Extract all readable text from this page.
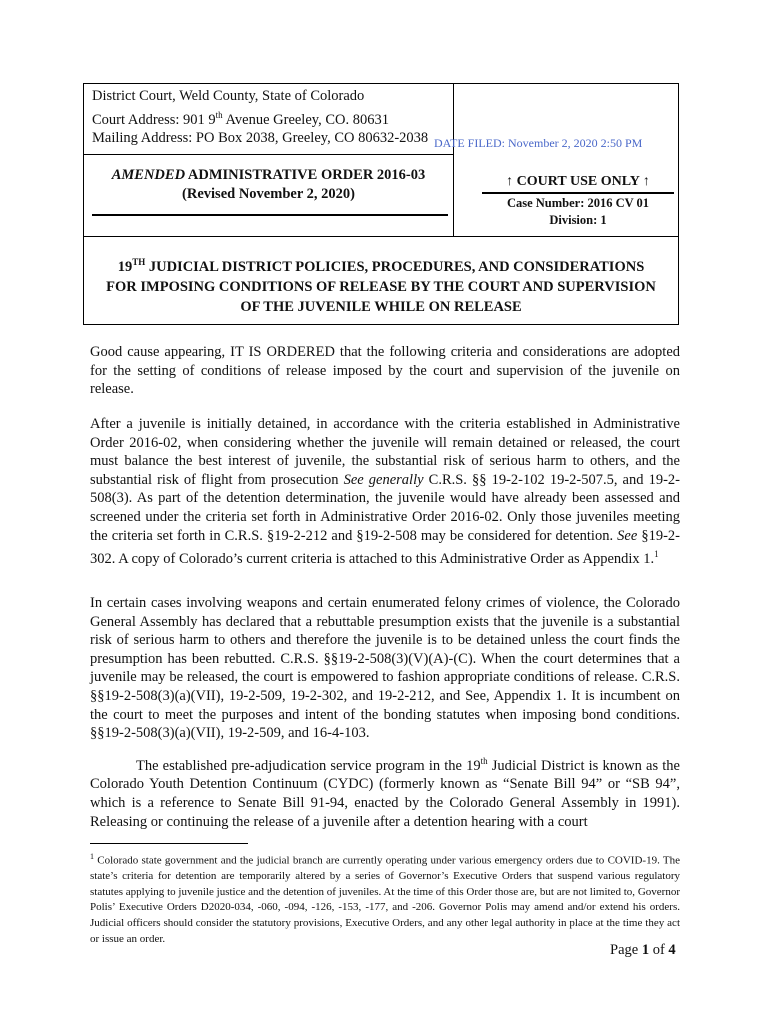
District Court, Weld County, State of Colorado
Court Address: 901 9th Avenue Greeley, CO. 80631
Mailing Address: PO Box 2038, Greeley, CO 80632-2038 DATE FILED: November 2, 2020 2:50 PM
AMENDED ADMINISTRATIVE ORDER 2016-03
(Revised November 2, 2020)
↑ COURT USE ONLY ↑
Case Number: 2016 CV 01
Division: 1
19TH JUDICIAL DISTRICT POLICIES, PROCEDURES, AND CONSIDERATIONS
FOR IMPOSING CONDITIONS OF RELEASE BY THE COURT AND SUPERVISION
OF THE JUVENILE WHILE ON RELEASE

Good cause appearing, IT IS ORDERED that the following criteria and considerations are adopted for the setting of conditions of release imposed by the court and supervision of the juvenile on release.

After a juvenile is initially detained, in accordance with the criteria established in Administrative Order 2016-02, when considering whether the juvenile will remain detained or released, the court must balance the best interest of juvenile, the substantial risk of serious harm to others, and the substantial risk of flight from prosecution See generally C.R.S. §§ 19-2-102 19-2-507.5, and 19-2-508(3). As part of the detention determination, the juvenile would have already been assessed and screened under the criteria set forth in Administrative Order 2016-02. Only those juveniles meeting the criteria set forth in C.R.S. §19-2-212 and §19-2-508 may be considered for detention. See §19-2-302. A copy of Colorado’s current criteria is attached to this Administrative Order as Appendix 1.$^1$

In certain cases involving weapons and certain enumerated felony crimes of violence, the Colorado General Assembly has declared that a rebuttable presumption exists that the juvenile is a substantial risk of serious harm to others and therefore the juvenile is to be detained unless the court finds the presumption has been rebutted. C.R.S. §§19-2-508(3)(V)(A)-(C). When the court determines that a juvenile may be released, the court is empowered to fashion appropriate conditions of release. C.R.S. §§19-2-508(3)(a)(VII), 19-2-509, 19-2-302, and 19-2-212, and See, Appendix 1. It is incumbent on the court to meet the purposes and intent of the bonding statutes when imposing bond conditions. §§19-2-508(3)(a)(VII), 19-2-509, and 16-4-103.

The established pre-adjudication service program in the 19th Judicial District is known as the Colorado Youth Detention Continuum (CYDC) (formerly known as “Senate Bill 94” or “SB 94”, which is a reference to Senate Bill 91-94, enacted by the Colorado General Assembly in 1991). Releasing or continuing the release of a juvenile after a detention hearing with a court

$^1$ Colorado state government and the judicial branch are currently operating under various emergency orders due to COVID-19. The state’s criteria for detention are temporarily altered by a series of Governor’s Executive Orders that suspend various regulatory statutes applying to juvenile justice and the detention of juveniles. At the time of this Order those are, but are not limited to, Governor Polis’ Executive Orders D2020-034, -060, -094, -126, -153, -177, and -206. Governor Polis may amend and/or extend his orders. Judicial officers should consider the statutory provisions, Executive Orders, and any other legal authority in place at the time they act or issue an order.
Page 1 of 4
